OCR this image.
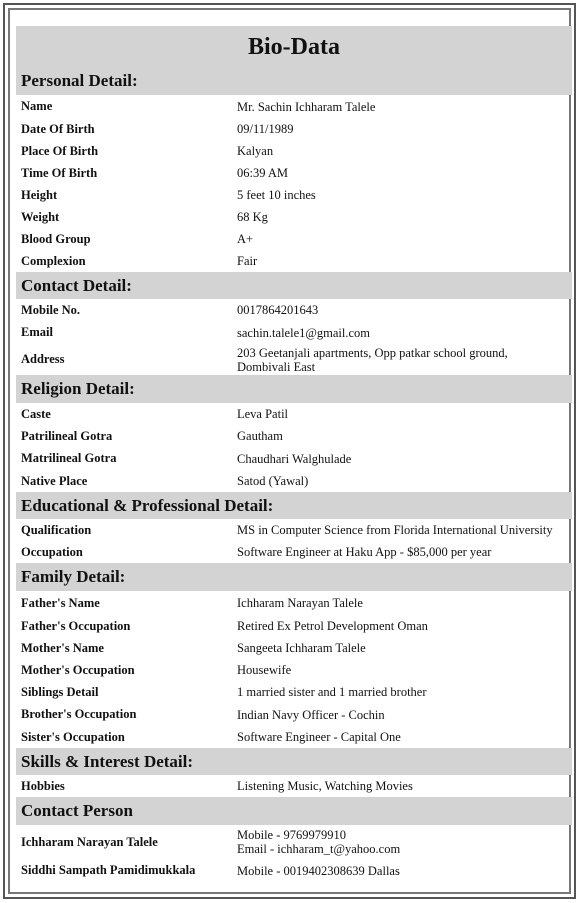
Bio-Data
Personal Detail:
Name	Mr. Sachin Ichharam Talele
Date Of Birth	09/11/1989
Place Of Birth	Kalyan
Time Of Birth	06:39 AM
Height	5 feet 10 inches
Weight	68 Kg
Blood Group	A+
Complexion	Fair
Contact Detail:
Mobile No.	0017864201643
Email	sachin.talele1@gmail.com
Address	203 Geetanjali apartments, Opp patkar school ground,
Dombivali East
Religion Detail:
Caste	Leva Patil
Patrilineal Gotra	Gautham
Matrilineal Gotra	Chaudhari Walghulade
Native Place	Satod (Yawal)
Educational & Professional Detail:
Qualification	MS in Computer Science from Florida International University
Occupation	Software Engineer at Haku App - $85,000 per year
Family Detail:
Father's Name	Ichharam Narayan Talele
Father's Occupation	Retired Ex Petrol Development Oman
Mother's Name	Sangeeta Ichharam Talele
Mother's Occupation	Housewife
Siblings Detail	1 married sister and 1 married brother
Brother's Occupation	Indian Navy Officer - Cochin
Sister's Occupation	Software Engineer - Capital One
Skills & Interest Detail:
Hobbies	Listening Music, Watching Movies
Contact Person
Ichharam Narayan Talele	Mobile - 9769979910
Email - ichharam_t@yahoo.com
Siddhi Sampath Pamidimukkala	Mobile - 0019402308639 Dallas
